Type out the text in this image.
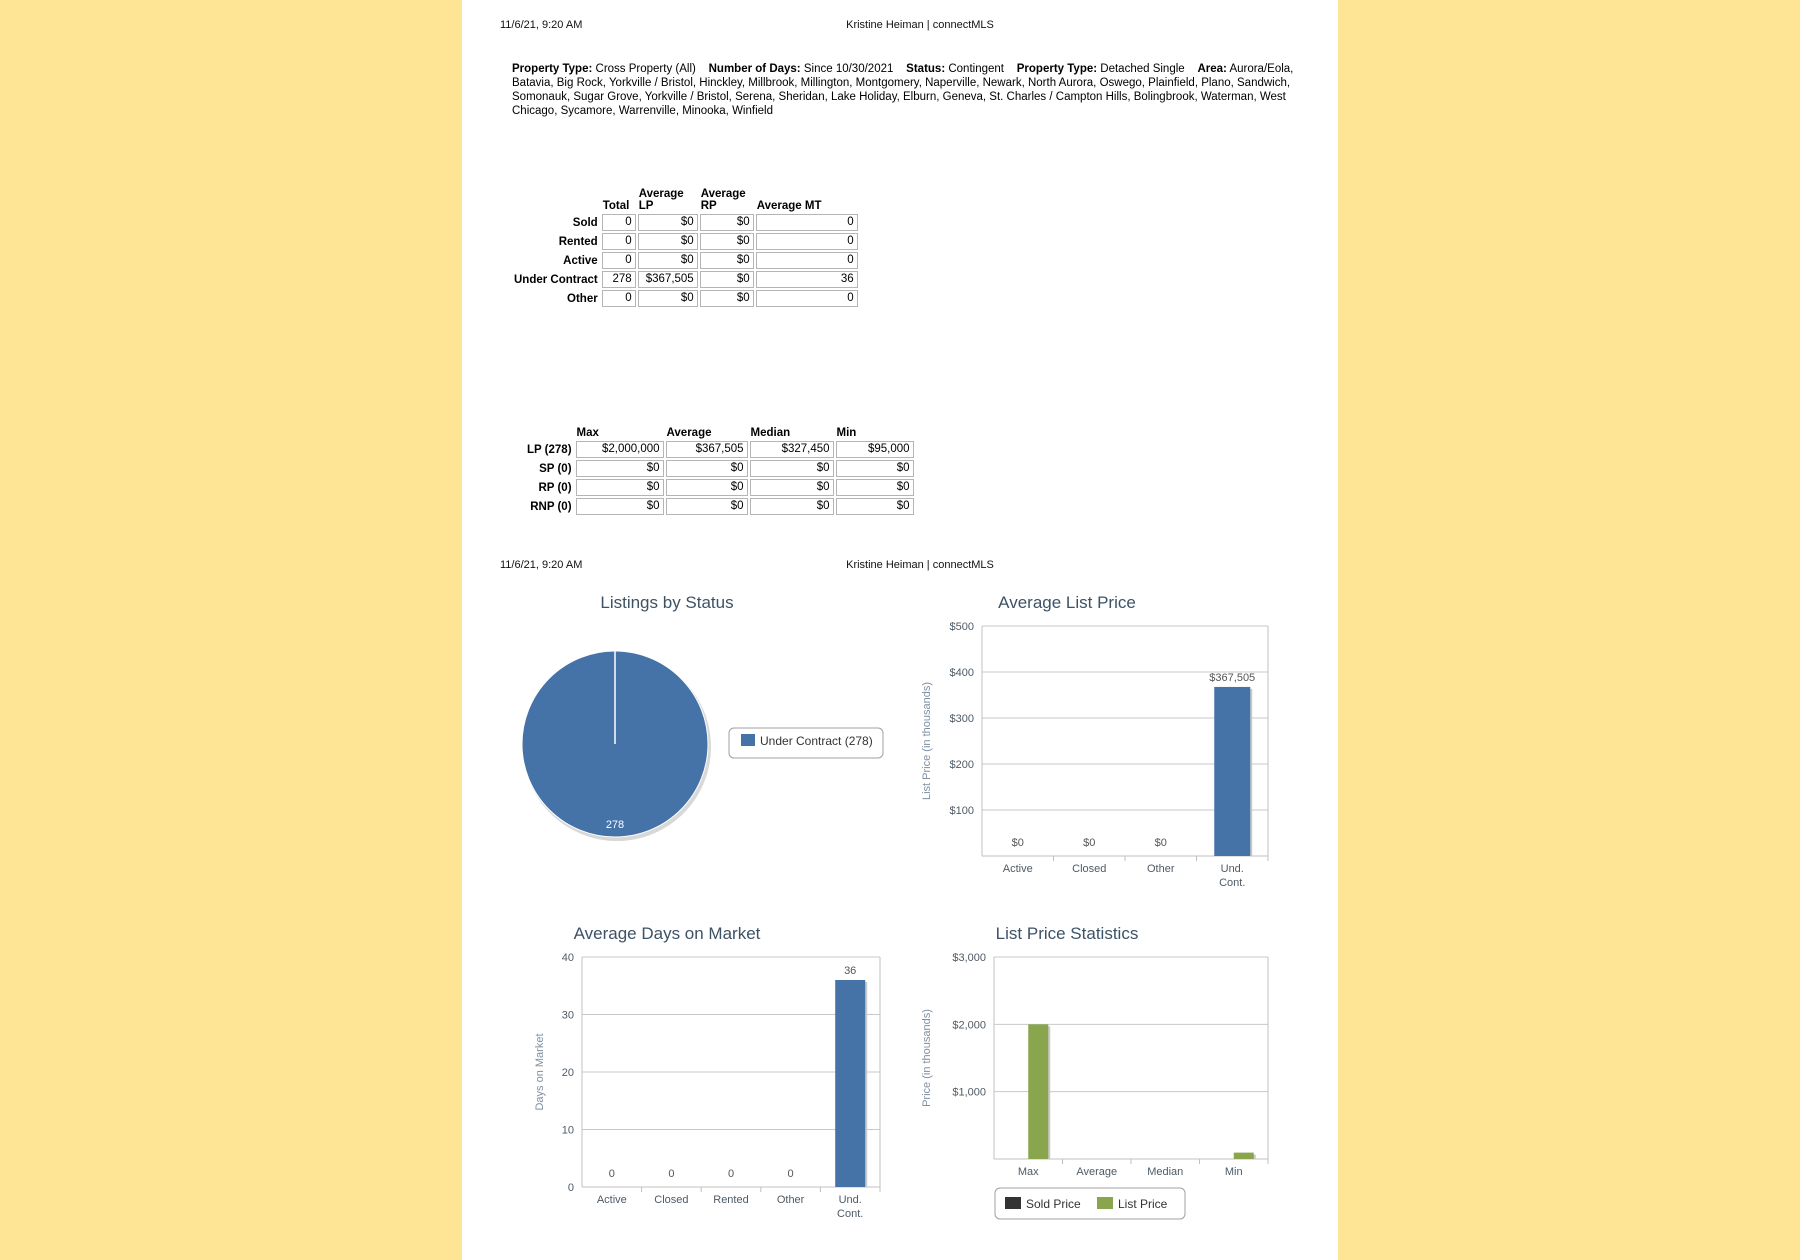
11/6/21, 9:20 AM	Kristine Heiman | connectMLS
Property Type: Cross Property (All) Number of Days: Since 10/30/2021 Status: Contingent Property Type: Detached Single Area: Aurora/Eola, Batavia, Big Rock, Yorkville / Bristol, Hinckley, Millbrook, Millington, Montgomery, Naperville, Newark, North Aurora, Oswego, Plainfield, Plano, Sandwich, Somonauk, Sugar Grove, Yorkville / Bristol, Serena, Sheridan, Lake Holiday, Elburn, Geneva, St. Charles / Campton Hills, Bolingbrook, Waterman, West Chicago, Sycamore, Warrenville, Minooka, Winfield
	Total	Average LP	Average RP	Average MT
Sold	0	$0	$0	0
Rented	0	$0	$0	0
Active	0	$0	$0	0
Under Contract	278	$367,505	$0	36
Other	0	$0	$0	0
	Max	Average	Median	Min
LP (278)	$2,000,000	$367,505	$327,450	$95,000
SP (0)	$0	$0	$0	$0
RP (0)	$0	$0	$0	$0
RNP (0)	$0	$0	$0	$0
11/6/21, 9:20 AM	Kristine Heiman | connectMLS
Listings by Status	Average List Price
Average Days on Market	List Price Statistics
278
Under Contract (278)
$100
$200
$300
$400
$500
Active	Closed	Other	Und.
Cont.
List Price (in thousands)
$0	$0	$0
$367,505
0
10
20
30
40
Active Closed Rented	Other	Und.
Cont.
Days on Market
0	0	0	0
36
$1,000
$2,000
$3,000
Max	Average	Median	Min
Price (in thousands)
Sold Price	List Price
